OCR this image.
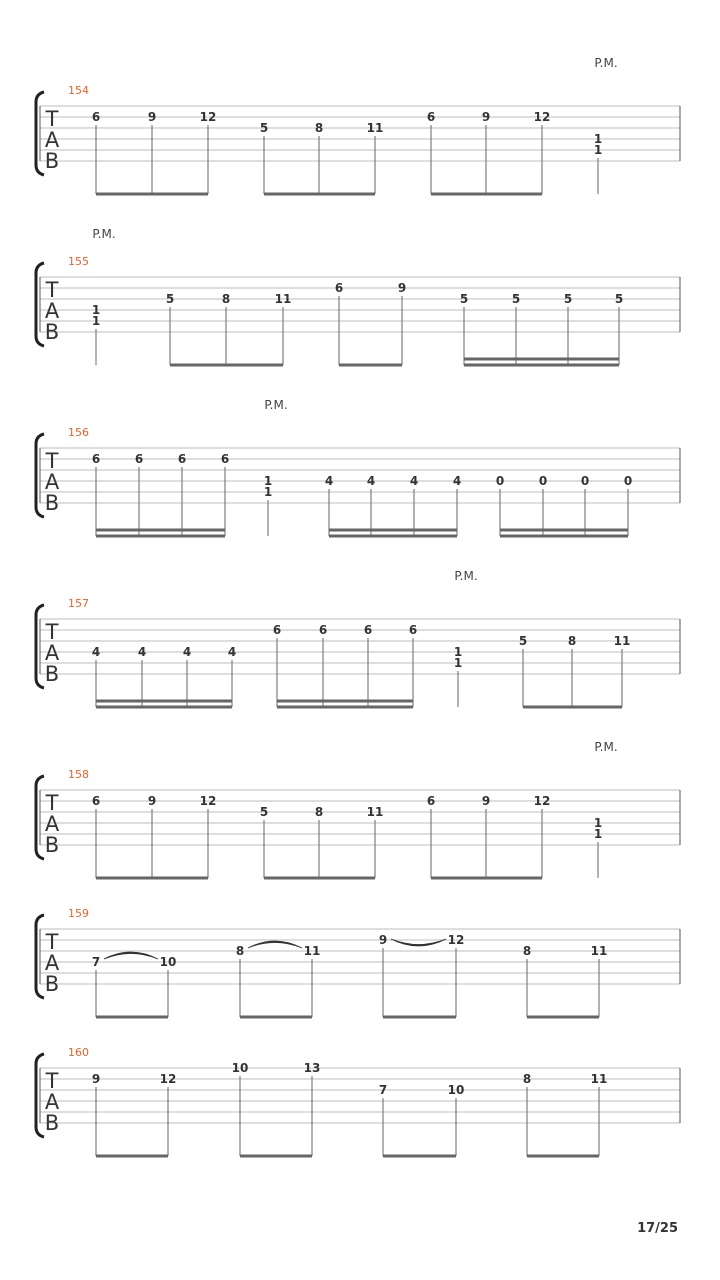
T
A
B
154
P.M.
6	9	12
5	8	11
6	9	12
1
1
T
A
B
155
P.M.
1
1
5	8	11
6	9
5	5	5	5
T
A
B
156
P.M.
6	6	6	6
1
1
4	4	4	4	0	0	0	0
T
A
B
157
P.M.
4	4	4	4
6	6	6	6
1
1
5	8	11
T
A
B
158
P.M.
6	9	12
5	8	11
6	9	12
1
1
T
A
B
159
7	10
8	11
9	12
8	11
T
A
B
160
9	12
10	13
7	10
8	11
17/25
